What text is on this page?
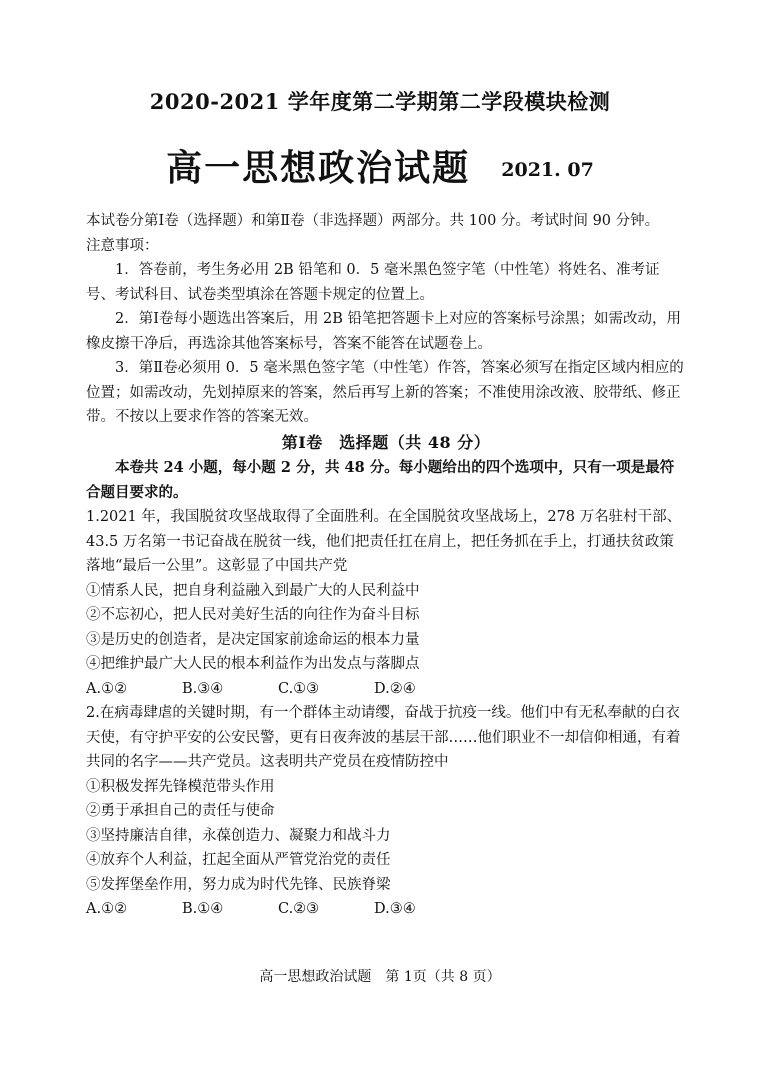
2020-2021 学年度第二学期第二学段模块检测
高一思想政治试题 2021. 07

本试卷分第Ⅰ卷（选择题）和第Ⅱ卷（非选择题）两部分。共 100 分。考试时间 90 分钟。

注意事项：

1．答卷前，考生务必用 2B 铅笔和 0．5 毫米黑色签字笔（中性笔）将姓名、准考证号、考试科目、试卷类型填涂在答题卡规定的位置上。

2．第Ⅰ卷每小题选出答案后，用 2B 铅笔把答题卡上对应的答案标号涂黑；如需改动，用橡皮擦干净后，再选涂其他答案标号，答案不能答在试题卷上。

3．第Ⅱ卷必须用 0．5 毫米黑色签字笔（中性笔）作答，答案必须写在指定区域内相应的位置；如需改动，先划掉原来的答案，然后再写上新的答案；不准使用涂改液、胶带纸、修正带。不按以上要求作答的答案无效。

第Ⅰ卷　选择题（共 48 分）

本卷共 24 小题，每小题 2 分，共 48 分。每小题给出的四个选项中，只有一项是最符合题目要求的。

1.2021 年，我国脱贫攻坚战取得了全面胜利。在全国脱贫攻坚战场上，278 万名驻村干部、43.5 万名第一书记奋战在脱贫一线，他们把责任扛在肩上，把任务抓在手上，打通扶贫政策落地“最后一公里”。这彰显了中国共产党

①情系人民，把自身利益融入到最广大的人民利益中

②不忘初心，把人民对美好生活的向往作为奋斗目标

③是历史的创造者，是决定国家前途命运的根本力量

④把维护最广大人民的根本利益作为出发点与落脚点

A.①②	B.③④	C.①③	D.②④

2.在病毒肆虐的关键时期，有一个群体主动请缨，奋战于抗疫一线。他们中有无私奉献的白衣天使，有守护平安的公安民警，更有日夜奔波的基层干部……他们职业不一却信仰相通，有着共同的名字——共产党员。这表明共产党员在疫情防控中

①积极发挥先锋模范带头作用

②勇于承担自己的责任与使命

③坚持廉洁自律，永葆创造力、凝聚力和战斗力

④放弃个人利益，扛起全面从严管党治党的责任

⑤发挥堡垒作用，努力成为时代先锋、民族脊梁

A.①②	B.①④	C.②③	D.③④
高一思想政治试题　第 1页（共 8 页）
